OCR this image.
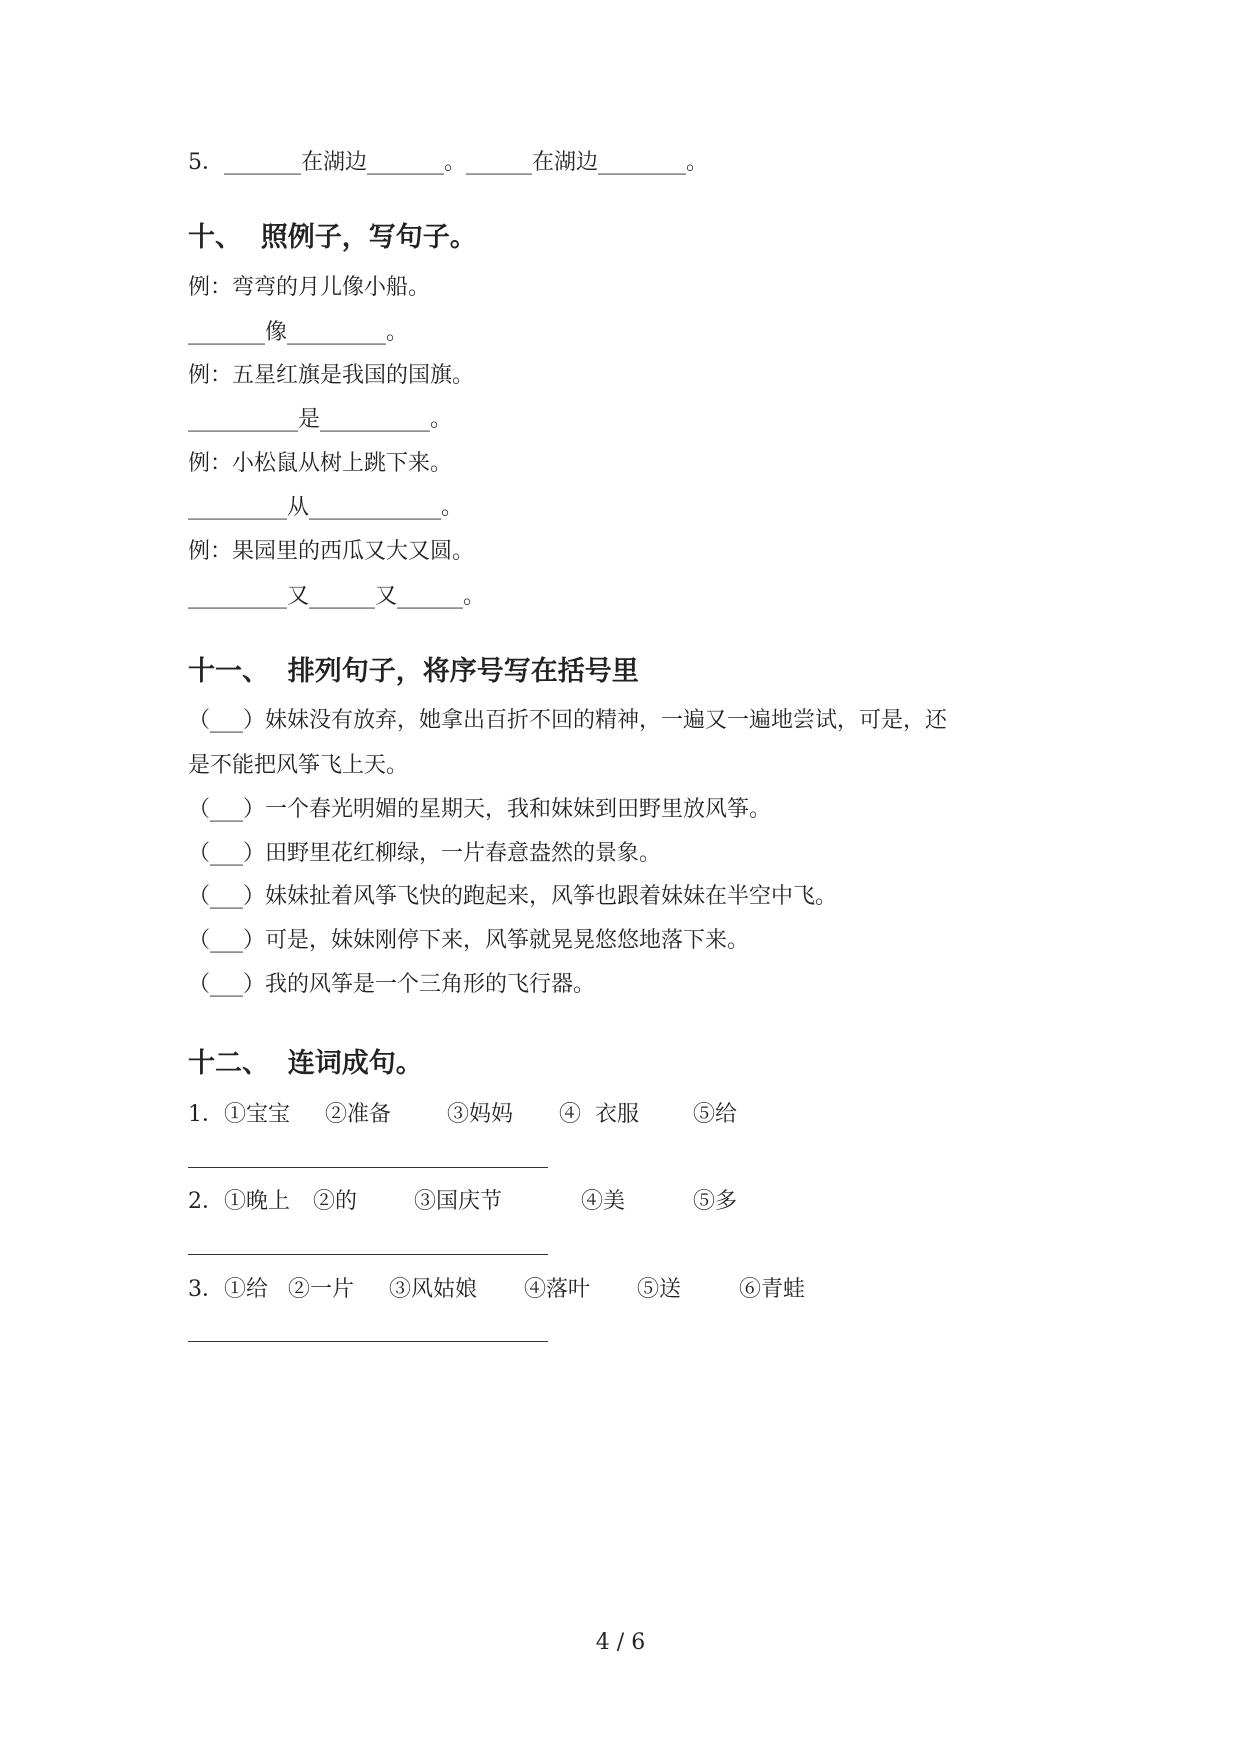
5．_______在湖边_______。______在湖边________。
十、  照例子，写句子。
例：弯弯的月儿像小船。
_______像_________。
例：五星红旗是我国的国旗。
__________是__________。
例：小松鼠从树上跳下来。
_________从____________。
例：果园里的西瓜又大又圆。
_________又______又______。
十一、  排列句子，将序号写在括号里
（___）妹妹没有放弃，她拿出百折不回的精神，一遍又一遍地尝试，可是，还
是不能把风筝飞上天。
（___）一个春光明媚的星期天，我和妹妹到田野里放风筝。
（___）田野里花红柳绿，一片春意盎然的景象。
（___）妹妹扯着风筝飞快的跑起来，风筝也跟着妹妹在半空中飞。
（___）可是，妹妹刚停下来，风筝就晃晃悠悠地落下来。
（___）我的风筝是一个三角形的飞行器。
十二、  连词成句。

1．①宝宝

②准备

	③妈妈

④  衣服

⑤给

2．①晚上

②的

	③国庆节

	④美

	⑤多

3．①给

②一片

③风姑娘

④落叶

⑤送

	⑥青蛙

4 / 6
